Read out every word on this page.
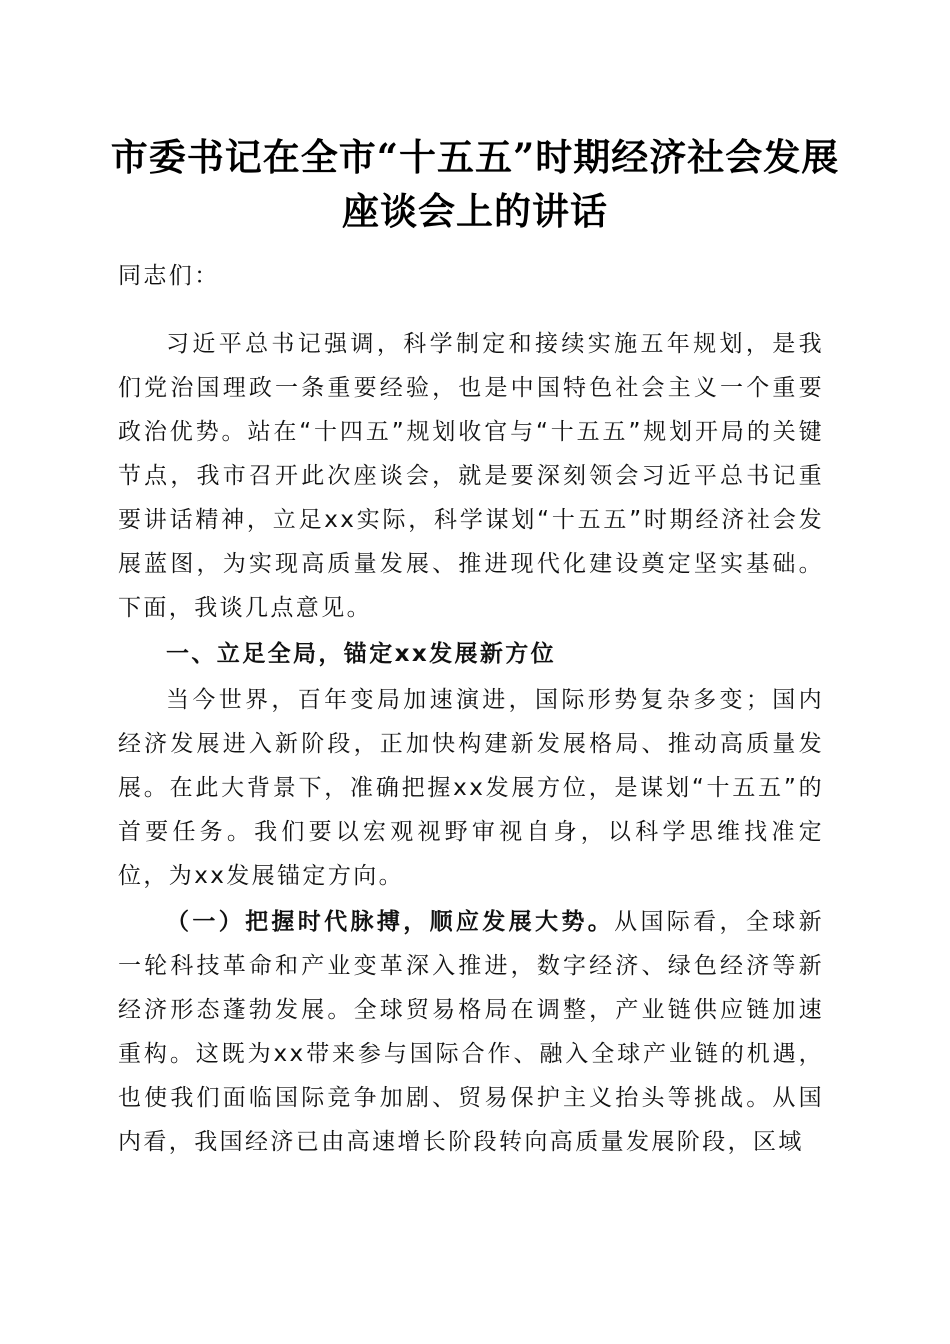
市委书记在全市“十五五”时期经济社会发展
座谈会上的讲话
同志们：
习近平总书记强调，科学制定和接续实施五年规划，是我们党治国理政一条重要经验，也是中国特色社会主义一个重要政治优势。站在“十四五”规划收官与“十五五”规划开局的关键节点，我市召开此次座谈会，就是要深刻领会习近平总书记重要讲话精神，立足xx实际，科学谋划“十五五”时期经济社会发展蓝图，为实现高质量发展、推进现代化建设奠定坚实基础。下面，我谈几点意见。
一、立足全局，锚定xx发展新方位
当今世界，百年变局加速演进，国际形势复杂多变；国内经济发展进入新阶段，正加快构建新发展格局、推动高质量发展。在此大背景下，准确把握xx发展方位，是谋划“十五五”的首要任务。我们要以宏观视野审视自身，以科学思维找准定位，为xx发展锚定方向。
（一）把握时代脉搏，顺应发展大势。从国际看，全球新一轮科技革命和产业变革深入推进，数字经济、绿色经济等新经济形态蓬勃发展。全球贸易格局在调整，产业链供应链加速重构。这既为xx带来参与国际合作、融入全球产业链的机遇，也使我们面临国际竞争加剧、贸易保护主义抬头等挑战。从国内看，我国经济已由高速增长阶段转向高质量发展阶段，区域
